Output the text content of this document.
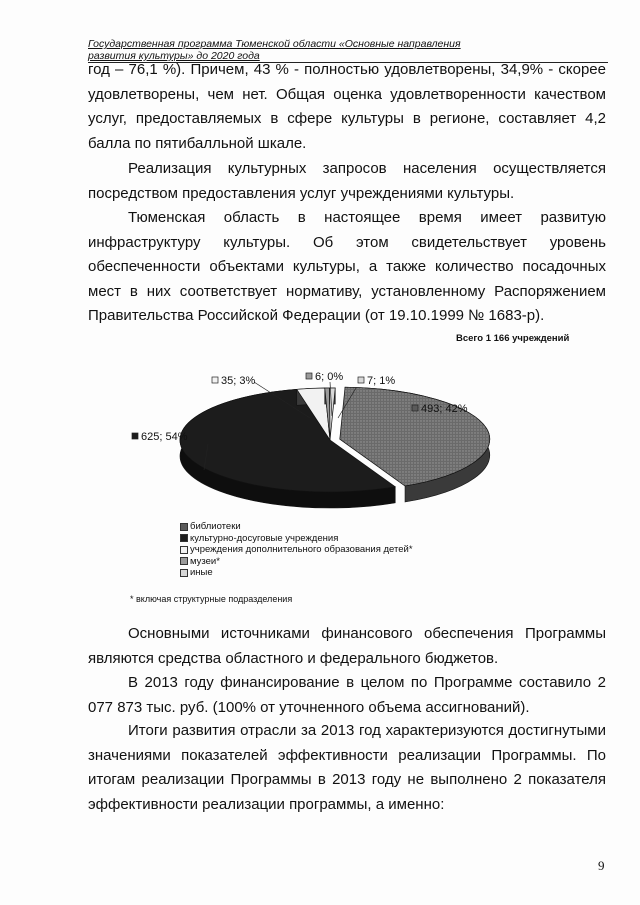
Государственная программа Тюменской области «Основные направления
развития культуры» до 2020 года

год – 76,1 %). Причем, 43 % - полностью удовлетворены, 34,9% - скорее удовлетворены, чем нет. Общая оценка удовлетворенности качеством услуг, предоставляемых в сфере культуры в регионе, составляет 4,2 балла по пятибалльной шкале.

Реализация культурных запросов населения осуществляется посредством предоставления услуг учреждениями культуры.

Тюменская область в настоящее время имеет развитую инфраструктуру культуры. Об этом свидетельствует уровень обеспеченности объектами культуры, а также количество посадочных мест в них соответствует нормативу, установленному Распоряжением Правительства Российской Федерации (от 19.10.1999 № 1683-р).

Всего 1 166 учреждений
493; 42%
625; 54%
35; 3%	6; 0% 7; 1%
библиотеки
культурно-досуговые учреждения
учреждения дополнительного образования детей*
музеи*
иные
* включая структурные подразделения

Основными источниками финансового обеспечения Программы являются средства областного и федерального бюджетов.

В 2013 году финансирование в целом по Программе составило 2 077 873 тыс. руб. (100% от уточненного объема ассигнований).

Итоги развития отрасли за 2013 год характеризуются достигнутыми значениями показателей эффективности реализации Программы. По итогам реализации Программы в 2013 году не выполнено 2 показателя эффективности реализации программы, а именно:

9
